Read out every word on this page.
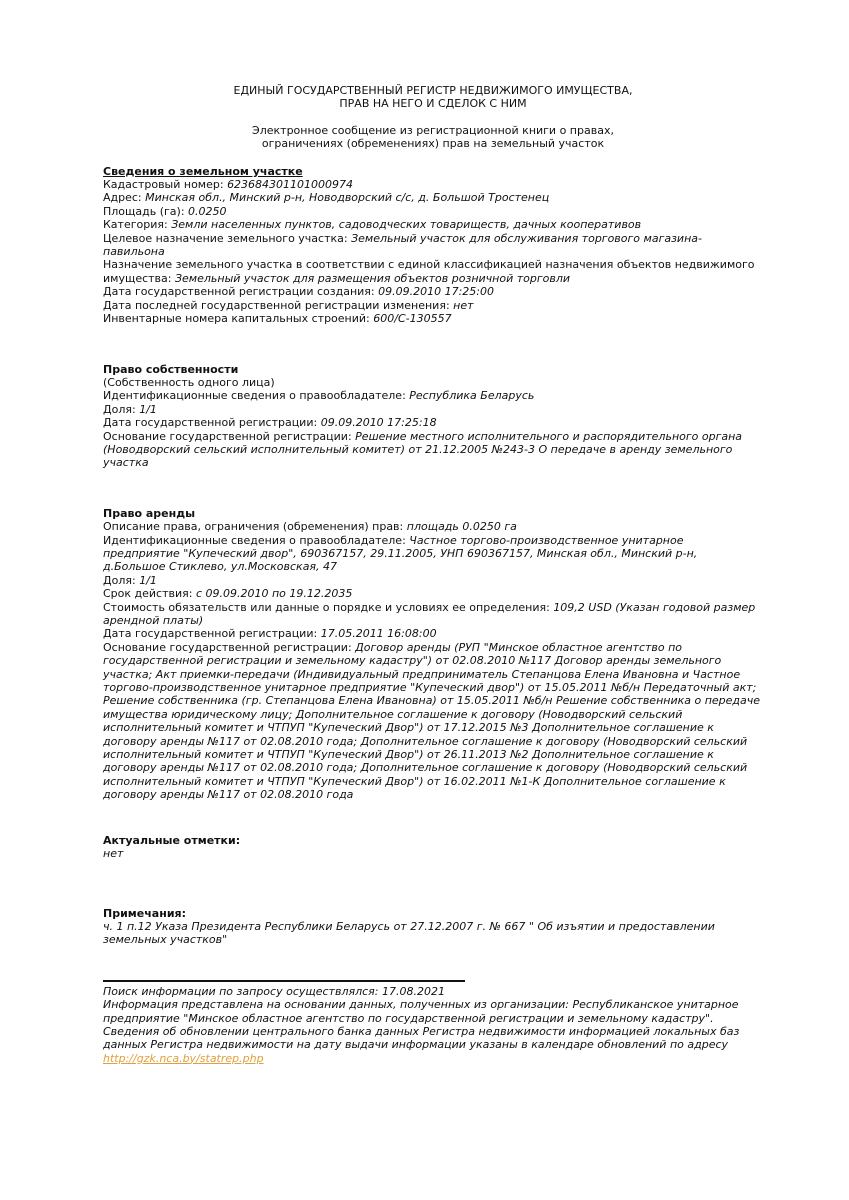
ЕДИНЫЙ ГОСУДАРСТВЕННЫЙ РЕГИСТР НЕДВИЖИМОГО ИМУЩЕСТВА,
ПРАВ НА НЕГО И СДЕЛОК С НИМ
Электронное сообщение из регистрационной книги о правах,
ограничениях (обременениях) прав на земельный участок
Сведения о земельном участке
Кадастровый номер: 623684301101000974
Адрес: Минская обл., Минский р-н, Новодворский с/с, д. Большой Тростенец
Площадь (га): 0.0250
Категория: Земли населенных пунктов, садоводческих товариществ, дачных кооперативов
Целевое назначение земельного участка: Земельный участок для обслуживания торгового магазина-павильона
Назначение земельного участка в соответствии с единой классификацией назначения объектов недвижимого имущества: Земельный участок для размещения объектов розничной торговли
Дата государственной регистрации создания: 09.09.2010 17:25:00
Дата последней государственной регистрации изменения: нет
Инвентарные номера капитальных строений: 600/С-130557
Право собственности
(Собственность одного лица)
Идентификационные сведения о правообладателе: Республика Беларусь
Доля: 1/1
Дата государственной регистрации: 09.09.2010 17:25:18
Основание государственной регистрации: Решение местного исполнительного и распорядительного органа (Новодворский сельский исполнительный комитет) от 21.12.2005 №243-3 О передаче в аренду земельного участка
Право аренды
Описание права, ограничения (обременения) прав: площадь 0.0250 га
Идентификационные сведения о правообладателе: Частное торгово-производственное унитарное предприятие "Купеческий двор", 690367157, 29.11.2005, УНП 690367157, Минская обл., Минский р-н, д.Большое Стиклево, ул.Московская, 47
Доля: 1/1
Срок действия: с 09.09.2010 по 19.12.2035
Стоимость обязательств или данные о порядке и условиях ее определения: 109,2 USD (Указан годовой размер арендной платы)
Дата государственной регистрации: 17.05.2011 16:08:00
Основание государственной регистрации: Договор аренды (РУП "Минское областное агентство по государственной регистрации и земельному кадастру") от 02.08.2010 №117 Договор аренды земельного участка; Акт приемки-передачи (Индивидуальный предприниматель Степанцова Елена Ивановна и Частное торгово-производственное унитарное предприятие "Купеческий двор") от 15.05.2011 №б/н Передаточный акт; Решение собственника (гр. Степанцова Елена Ивановна) от 15.05.2011 №б/н Решение собственника о передаче имущества юридическому лицу; Дополнительное соглашение к договору (Новодворский сельский исполнительный комитет и ЧТПУП "Купеческий Двор") от 17.12.2015 №3 Дополнительное соглашение к договору аренды №117 от 02.08.2010 года; Дополнительное соглашение к договору (Новодворский сельский исполнительный комитет и ЧТПУП "Купеческий Двор") от 26.11.2013 №2 Дополнительное соглашение к договору аренды №117 от 02.08.2010 года; Дополнительное соглашение к договору (Новодворский сельский исполнительный комитет и ЧТПУП "Купеческий Двор") от 16.02.2011 №1-К Дополнительное соглашение к договору аренды №117 от 02.08.2010 года
Актуальные отметки:
нет
Примечания:
ч. 1 п.12 Указа Президента Республики Беларусь от 27.12.2007 г. № 667 " Об изъятии и предоставлении земельных участков"
Поиск информации по запросу осуществлялся: 17.08.2021
Информация представлена на основании данных, полученных из организации: Республиканское унитарное предприятие "Минское областное агентство по государственной регистрации и земельному кадастру".
Сведения об обновлении центрального банка данных Регистра недвижимости информацией локальных баз данных Регистра недвижимости на дату выдачи информации указаны в календаре обновлений по адресу http://gzk.nca.by/statrep.php
